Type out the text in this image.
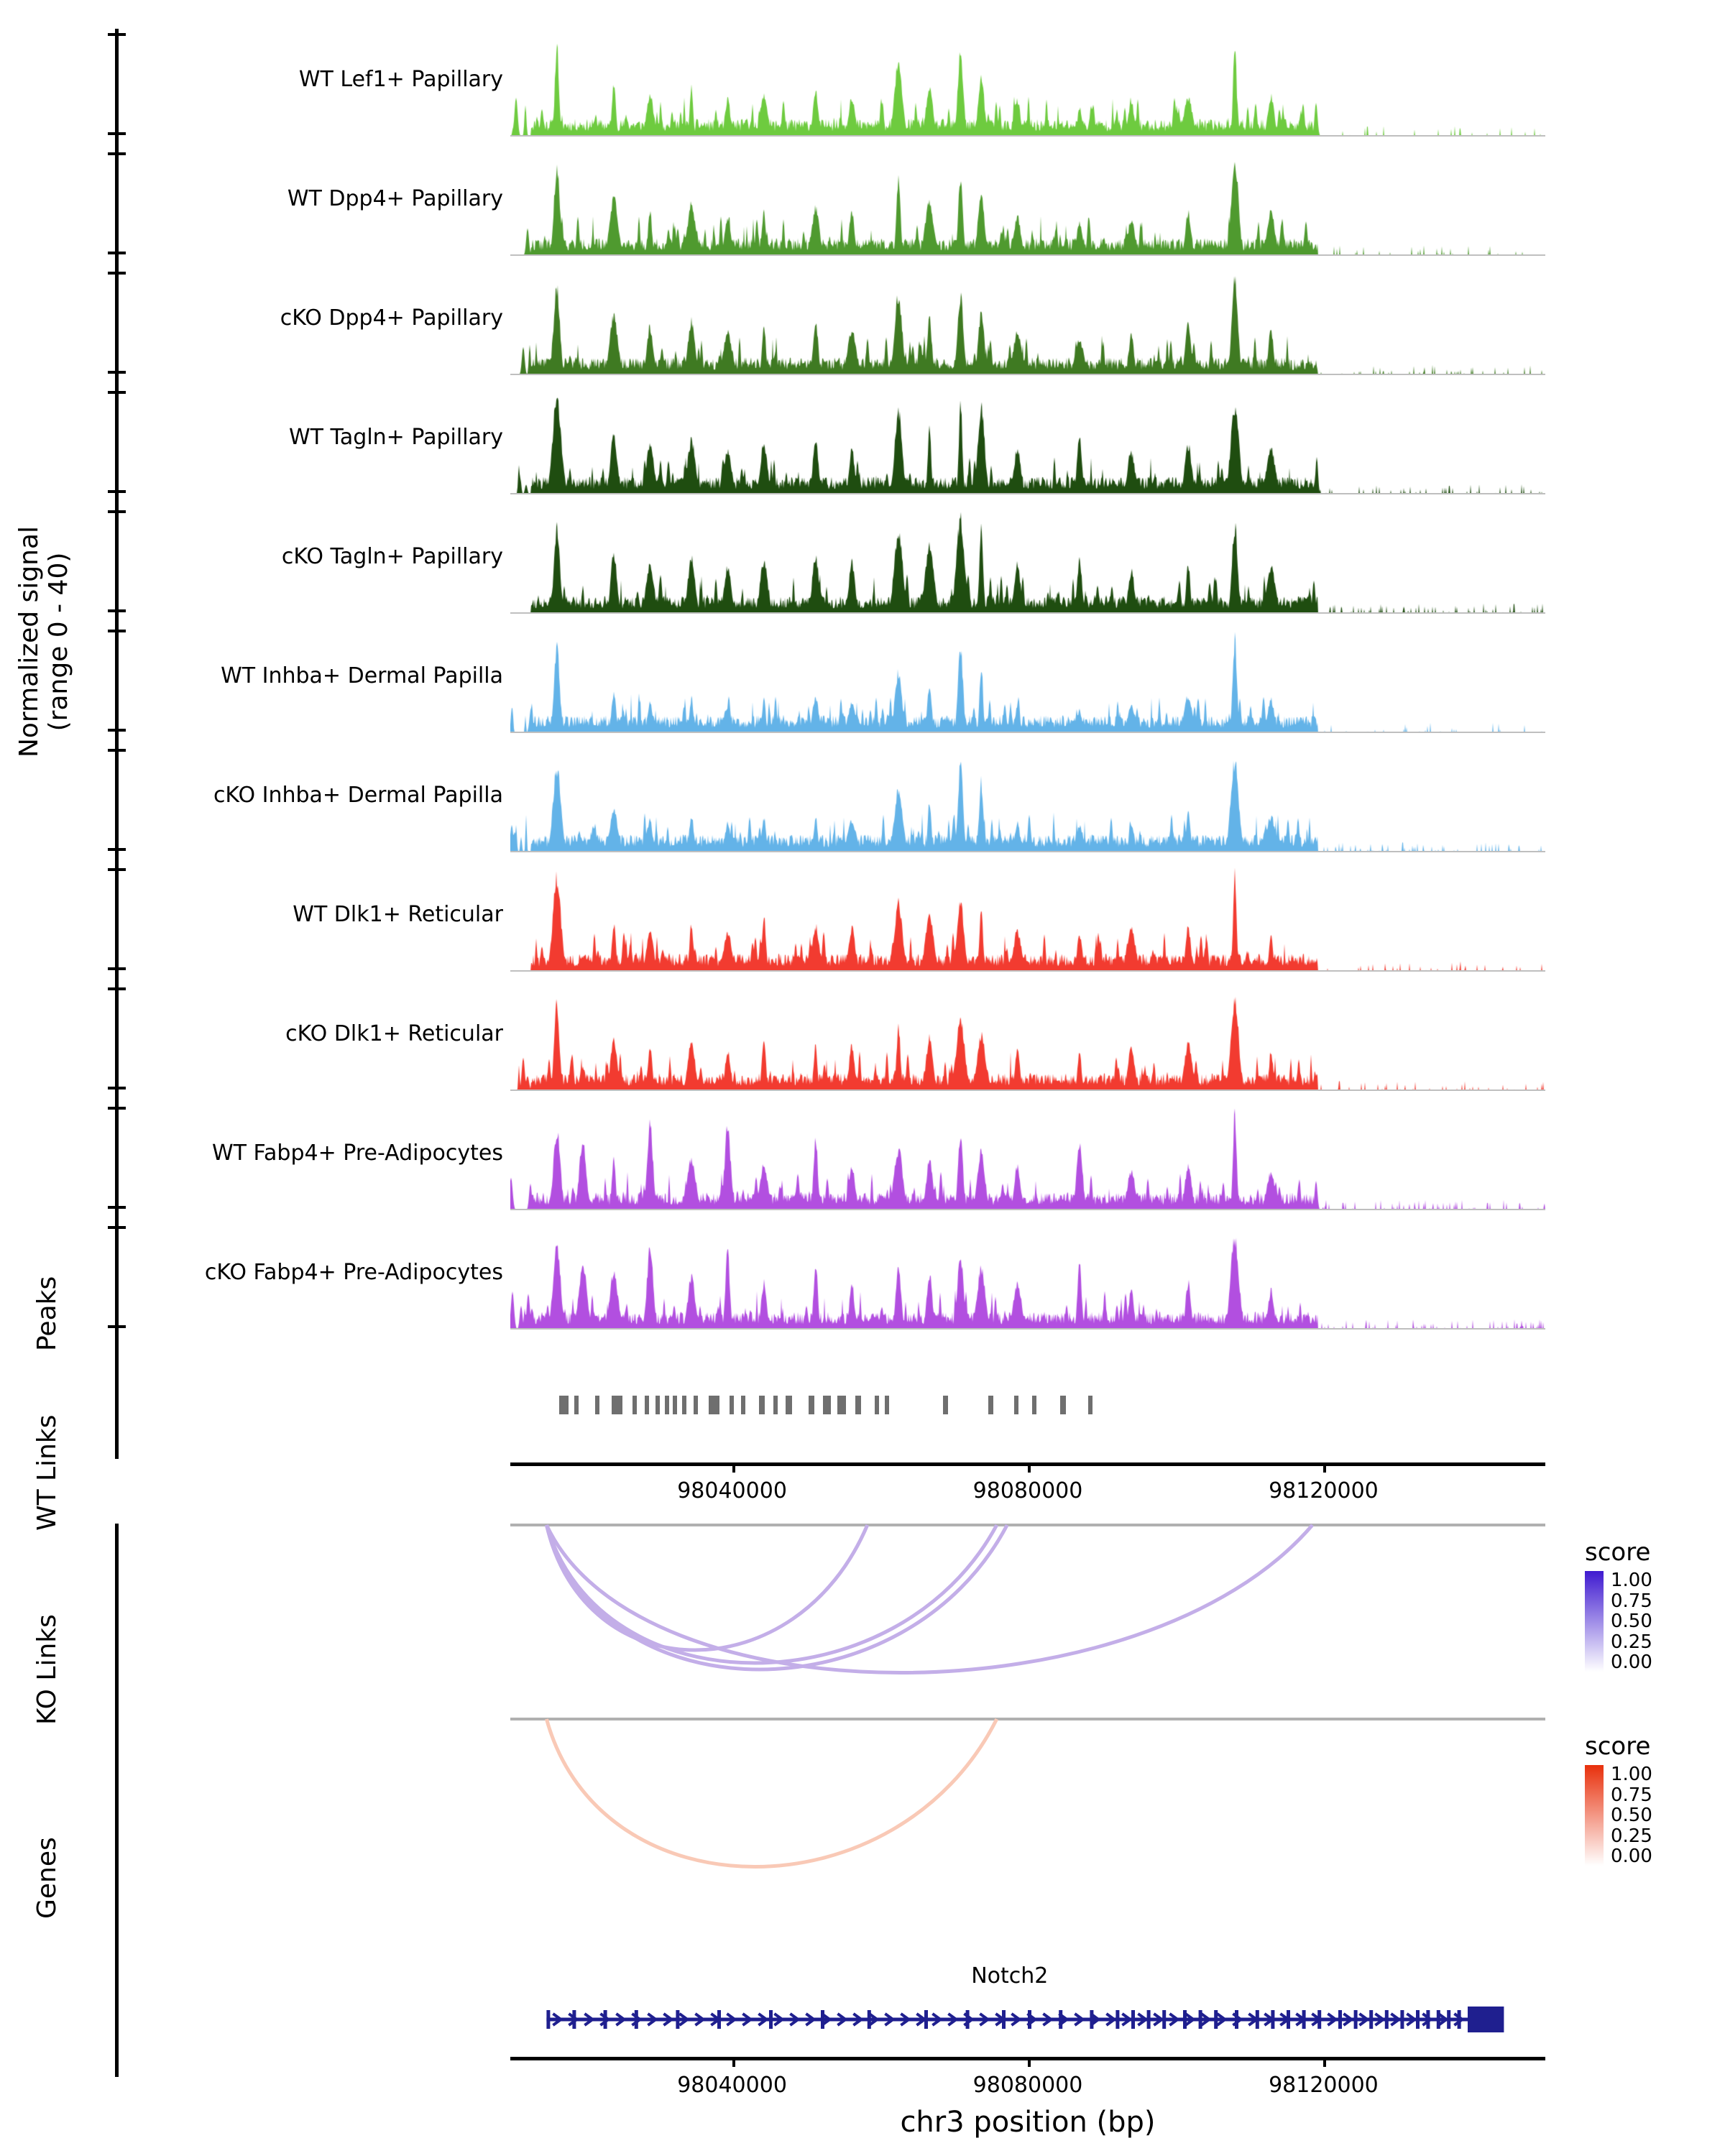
Normalized signal
(range 0 - 40)
WT Lef1+ Papillary
WT Dpp4+ Papillary
cKO Dpp4+ Papillary
WT Tagln+ Papillary
cKO Tagln+ Papillary
WT Inhba+ Dermal Papilla
cKO Inhba+ Dermal Papilla
WT Dlk1+ Reticular
cKO Dlk1+ Reticular
WT Fabp4+ Pre-Adipocytes
cKO Fabp4+ Pre-Adipocytes
Peaks
98040000	98080000	98120000
WT Links
score
1.00
0.75
0.50
0.25
0.00
KO Links
score
1.00
0.75
0.50
0.25
0.00
Genes
Notch2
98040000	98080000	98120000
chr3 position (bp)
